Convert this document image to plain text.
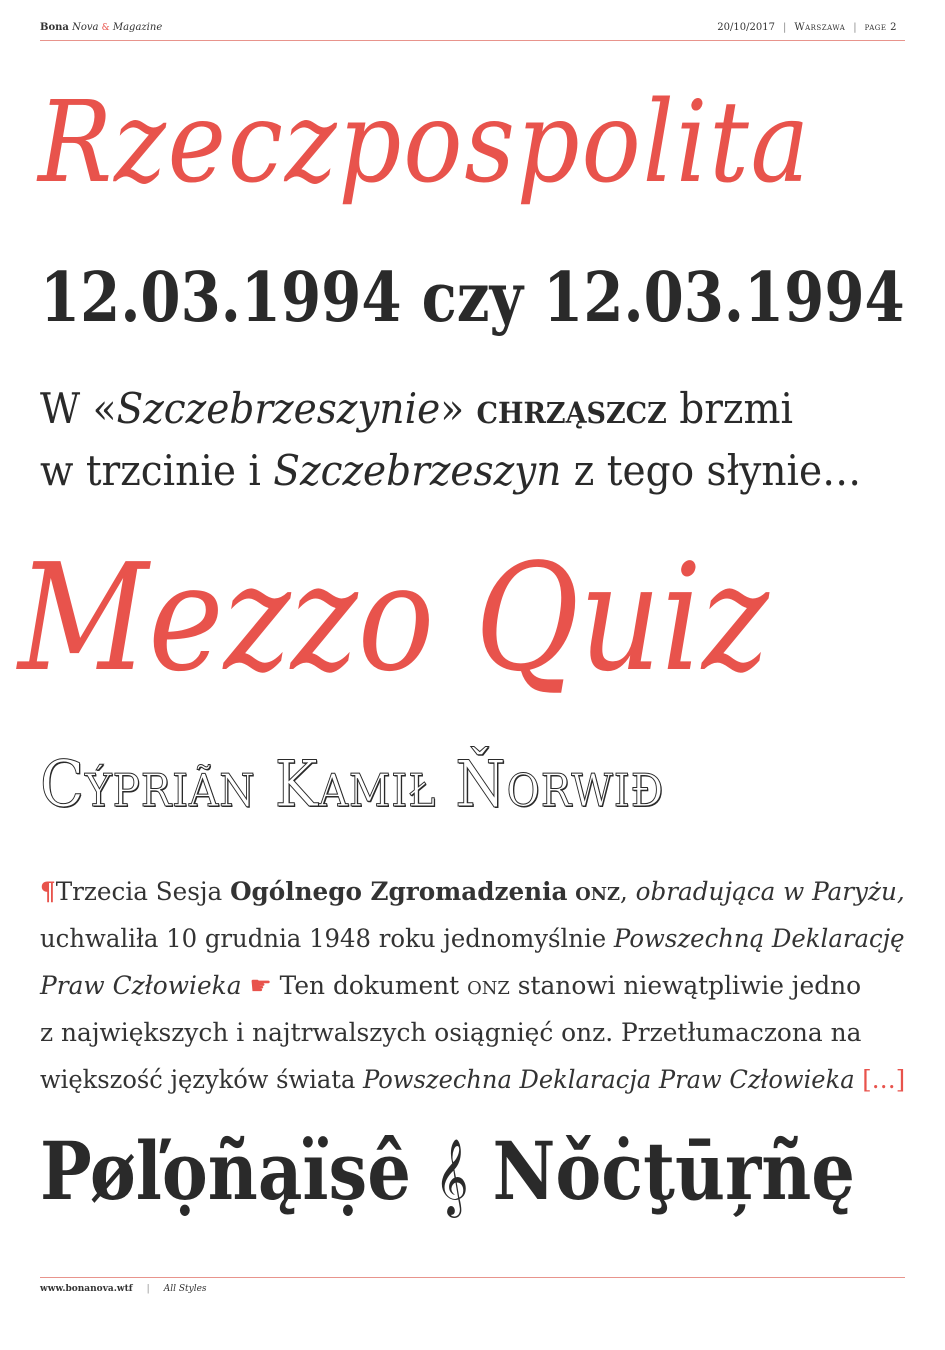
Bona Nova & Magazine	20/10/2017 | Warszawa | page 2
Rzeczpospolita
12.03.1994 czy 12.03.1994
W «Szczebrzeszynie» chrząszcz brzmi
w trzcinie i Szczebrzeszyn z tego słynie…
Mezzo Quiz
Cýpriãn Kamił Ňorwiđ
¶Trzecia Sesja Ogólnego Zgromadzenia onz, obradująca w Paryżu,
uchwaliła 10 grudnia 1948 roku jednomyślnie Powszechną Deklarację
Praw Człowieka ☛ Ten dokument onz stanowi niewątpliwie jedno
z największych i najtrwalszych osiągnięć onz. Przetłumaczona na
większość języków świata Powszechna Deklaracja Praw Człowieka […]
Pøľọñąïṣê 𝄞 Nǒċţūŗñę
www.bonanova.wtf | All Styles
